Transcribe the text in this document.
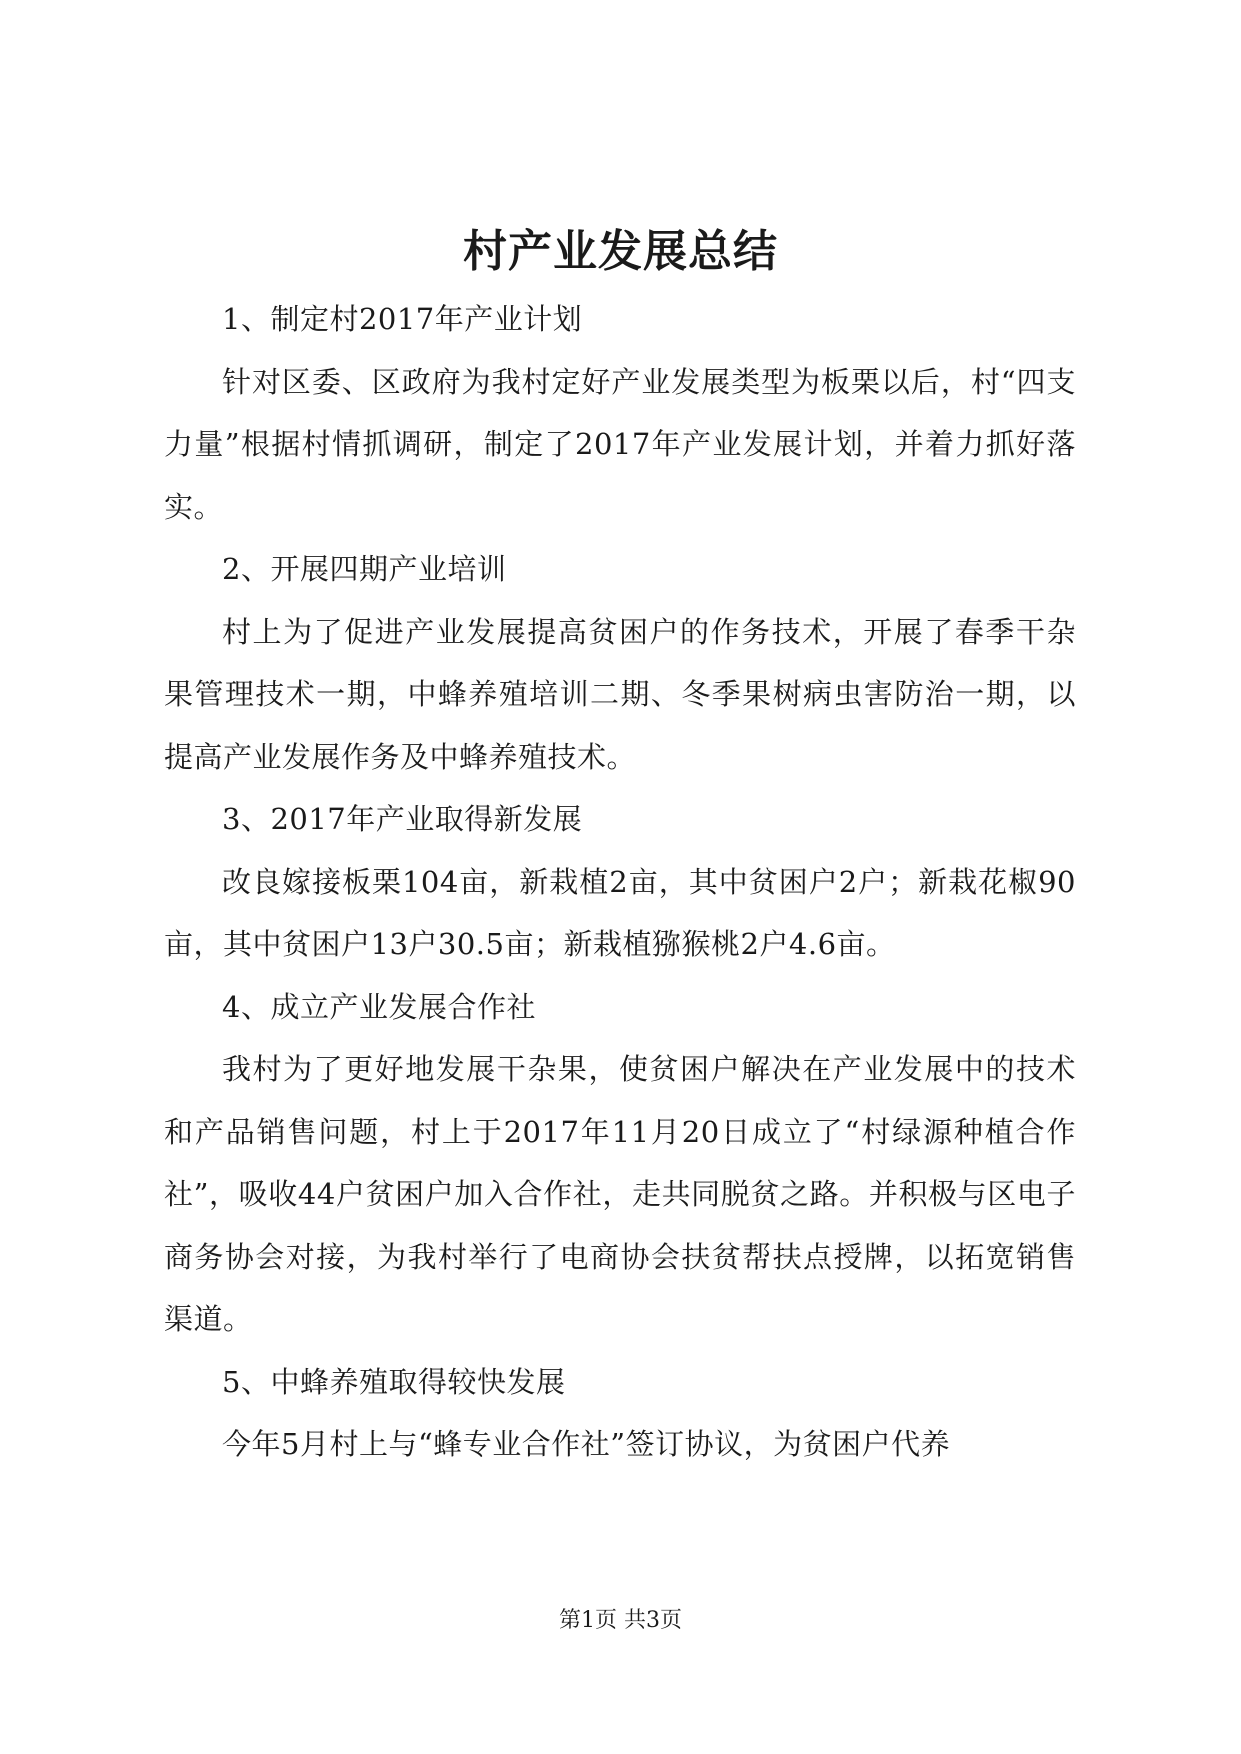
村产业发展总结

1、制定村2017年产业计划

针对区委、区政府为我村定好产业发展类型为板栗以后，村“四支力量”根据村情抓调研，制定了2017年产业发展计划，并着力抓好落实。

2、开展四期产业培训

村上为了促进产业发展提高贫困户的作务技术，开展了春季干杂果管理技术一期，中蜂养殖培训二期、冬季果树病虫害防治一期，以提高产业发展作务及中蜂养殖技术。

3、2017年产业取得新发展

改良嫁接板栗104亩，新栽植2亩，其中贫困户2户；新栽花椒90亩，其中贫困户13户30.5亩；新栽植猕猴桃2户4.6亩。

4、成立产业发展合作社

我村为了更好地发展干杂果，使贫困户解决在产业发展中的技术和产品销售问题，村上于2017年11月20日成立了“村绿源种植合作社”，吸收44户贫困户加入合作社，走共同脱贫之路。并积极与区电子商务协会对接，为我村举行了电商协会扶贫帮扶点授牌，以拓宽销售渠道。

5、中蜂养殖取得较快发展

今年5月村上与“蜂专业合作社”签订协议，为贫困户代养

第1页 共3页
